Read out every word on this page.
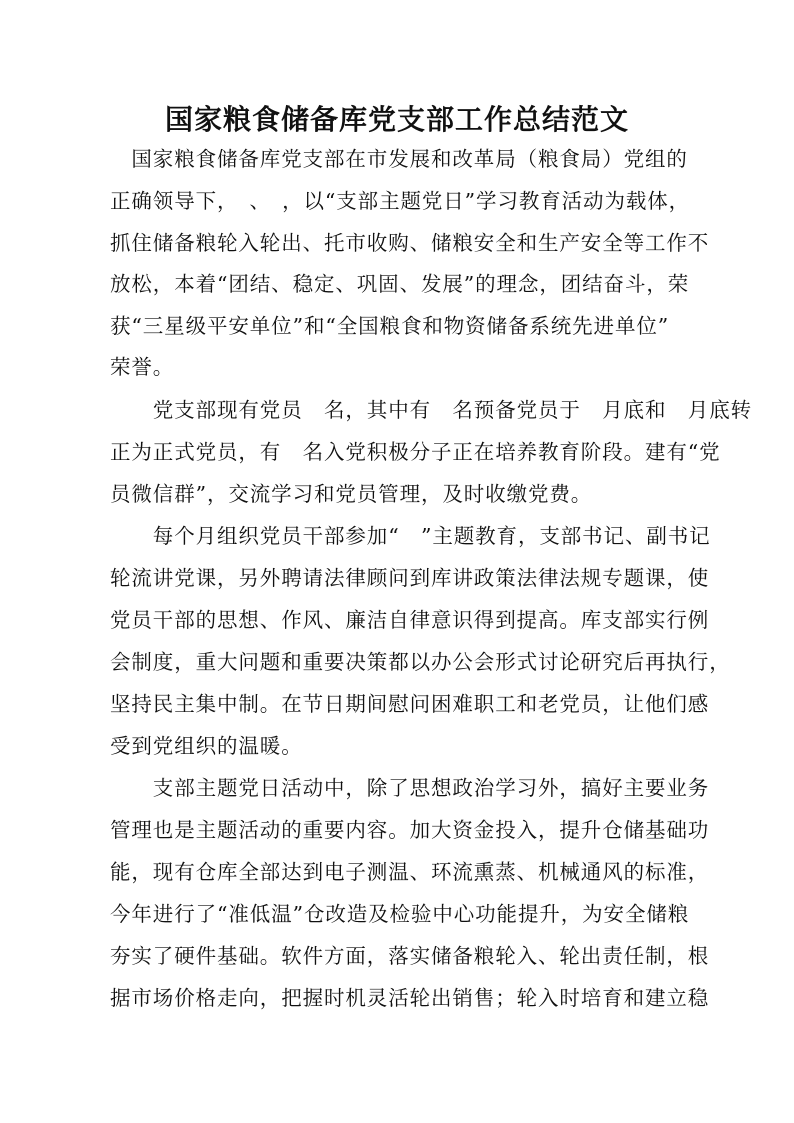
国家粮食储备库党支部工作总结范文
　国家粮食储备库党支部在市发展和改革局（粮食局）党组的
正确领导下，　、　，以“支部主题党日”学习教育活动为载体，
抓住储备粮轮入轮出、托市收购、储粮安全和生产安全等工作不
放松，本着“团结、稳定、巩固、发展”的理念，团结奋斗，荣
获“三星级平安单位”和“全国粮食和物资储备系统先进单位”
荣誉。
　　党支部现有党员　名，其中有　名预备党员于　月底和　月底转
正为正式党员，有　名入党积极分子正在培养教育阶段。建有“党
员微信群”，交流学习和党员管理，及时收缴党费。
　　每个月组织党员干部参加“　”主题教育，支部书记、副书记
轮流讲党课，另外聘请法律顾问到库讲政策法律法规专题课，使
党员干部的思想、作风、廉洁自律意识得到提高。库支部实行例
会制度，重大问题和重要决策都以办公会形式讨论研究后再执行，
坚持民主集中制。在节日期间慰问困难职工和老党员，让他们感
受到党组织的温暖。
　　支部主题党日活动中，除了思想政治学习外，搞好主要业务
管理也是主题活动的重要内容。加大资金投入，提升仓储基础功
能，现有仓库全部达到电子测温、环流熏蒸、机械通风的标准，
今年进行了“准低温”仓改造及检验中心功能提升，为安全储粮
夯实了硬件基础。软件方面，落实储备粮轮入、轮出责任制，根
据市场价格走向，把握时机灵活轮出销售；轮入时培育和建立稳
